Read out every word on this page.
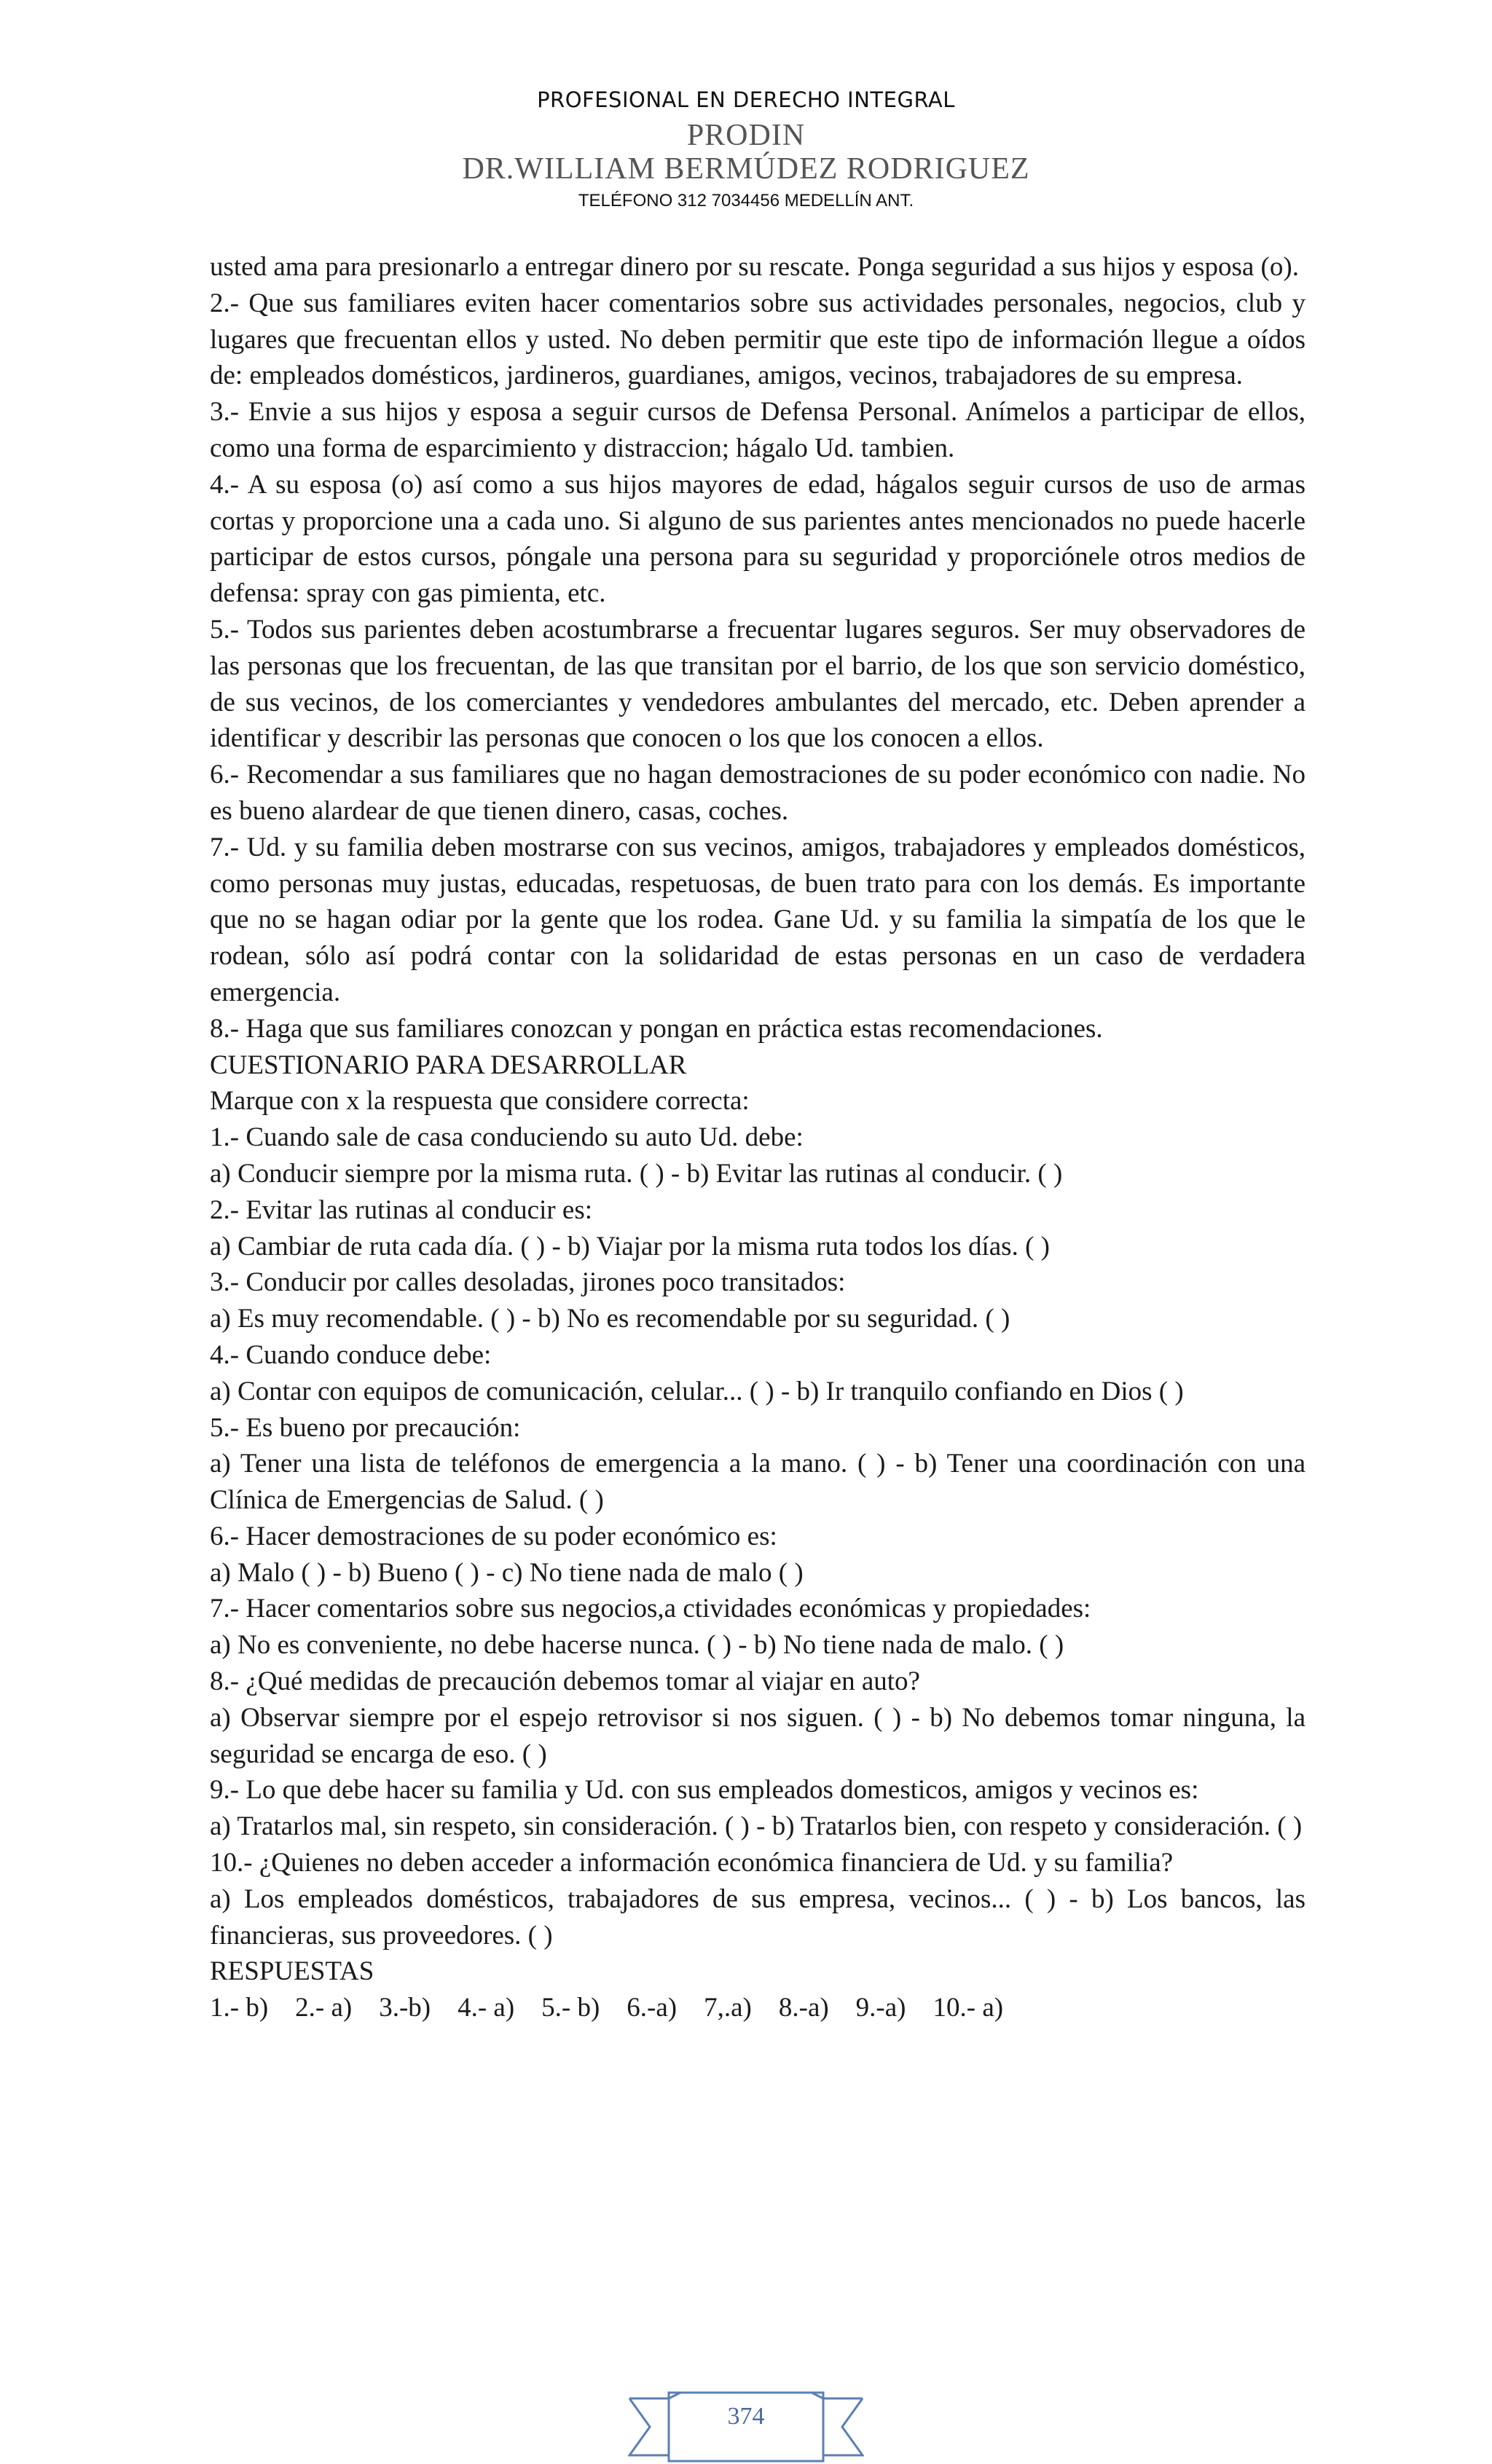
PROFESIONAL EN DERECHO INTEGRAL
PRODIN
DR.WILLIAM BERMÚDEZ RODRIGUEZ
TELÉFONO 312 7034456 MEDELLÍN ANT.

usted ama para presionarlo a entregar dinero por su rescate. Ponga seguridad a sus hijos y esposa (o).

2.- Que sus familiares eviten hacer comentarios sobre sus actividades personales, negocios, club y lugares que frecuentan ellos y usted. No deben permitir que este tipo de información llegue a oídos de: empleados domésticos, jardineros, guardianes, amigos, vecinos, trabajadores de su empresa.

3.- Envie a sus hijos y esposa a seguir cursos de Defensa Personal. Anímelos a participar de ellos, como una forma de esparcimiento y distraccion; hágalo Ud. tambien.

4.- A su esposa (o) así como a sus hijos mayores de edad, hágalos seguir cursos de uso de armas cortas y proporcione una a cada uno. Si alguno de sus parientes antes mencionados no puede hacerle participar de estos cursos, póngale una persona para su seguridad y proporciónele otros medios de defensa: spray con gas pimienta, etc.

5.- Todos sus parientes deben acostumbrarse a frecuentar lugares seguros. Ser muy observadores de las personas que los frecuentan, de las que transitan por el barrio, de los que son servicio doméstico, de sus vecinos, de los comerciantes y vendedores ambulantes del mercado, etc. Deben aprender a identificar y describir las personas que conocen o los que los conocen a ellos.

6.- Recomendar a sus familiares que no hagan demostraciones de su poder económico con nadie. No es bueno alardear de que tienen dinero, casas, coches.

7.- Ud. y su familia deben mostrarse con sus vecinos, amigos, trabajadores y empleados domésticos, como personas muy justas, educadas, respetuosas, de buen trato para con los demás. Es importante que no se hagan odiar por la gente que los rodea. Gane Ud. y su familia la simpatía de los que le rodean, sólo así podrá contar con la solidaridad de estas personas en un caso de verdadera emergencia.

8.- Haga que sus familiares conozcan y pongan en práctica estas recomendaciones.

CUESTIONARIO PARA DESARROLLAR

Marque con x la respuesta que considere correcta:

1.- Cuando sale de casa conduciendo su auto Ud. debe:

a) Conducir siempre por la misma ruta. ( ) - b) Evitar las rutinas al conducir. ( )

2.- Evitar las rutinas al conducir es:

a) Cambiar de ruta cada día. ( ) - b) Viajar por la misma ruta todos los días. ( )

3.- Conducir por calles desoladas, jirones poco transitados:

a) Es muy recomendable. ( ) - b) No es recomendable por su seguridad. ( )

4.- Cuando conduce debe:

a) Contar con equipos de comunicación, celular... ( ) - b) Ir tranquilo confiando en Dios ( )

5.- Es bueno por precaución:

a) Tener una lista de teléfonos de emergencia a la mano. ( ) - b) Tener una coordinación con una Clínica de Emergencias de Salud. ( )

6.- Hacer demostraciones de su poder económico es:

a) Malo ( ) - b) Bueno ( ) - c) No tiene nada de malo ( )

7.- Hacer comentarios sobre sus negocios,a ctividades económicas y propiedades:

a) No es conveniente, no debe hacerse nunca. ( ) - b) No tiene nada de malo. ( )

8.- ¿Qué medidas de precaución debemos tomar al viajar en auto?

a) Observar siempre por el espejo retrovisor si nos siguen. ( ) - b) No debemos tomar ninguna, la seguridad se encarga de eso. ( )

9.- Lo que debe hacer su familia y Ud. con sus empleados domesticos, amigos y vecinos es:

a) Tratarlos mal, sin respeto, sin consideración. ( ) - b) Tratarlos bien, con respeto y consideración. ( )

10.- ¿Quienes no deben acceder a información económica financiera de Ud. y su familia?

a) Los empleados domésticos, trabajadores de sus empresa, vecinos... ( ) - b) Los bancos, las financieras, sus proveedores. ( )

RESPUESTAS

1.- b)    2.- a)    3.-b)    4.- a)    5.- b)    6.-a)    7,.a)    8.-a)    9.-a)    10.- a)

374
